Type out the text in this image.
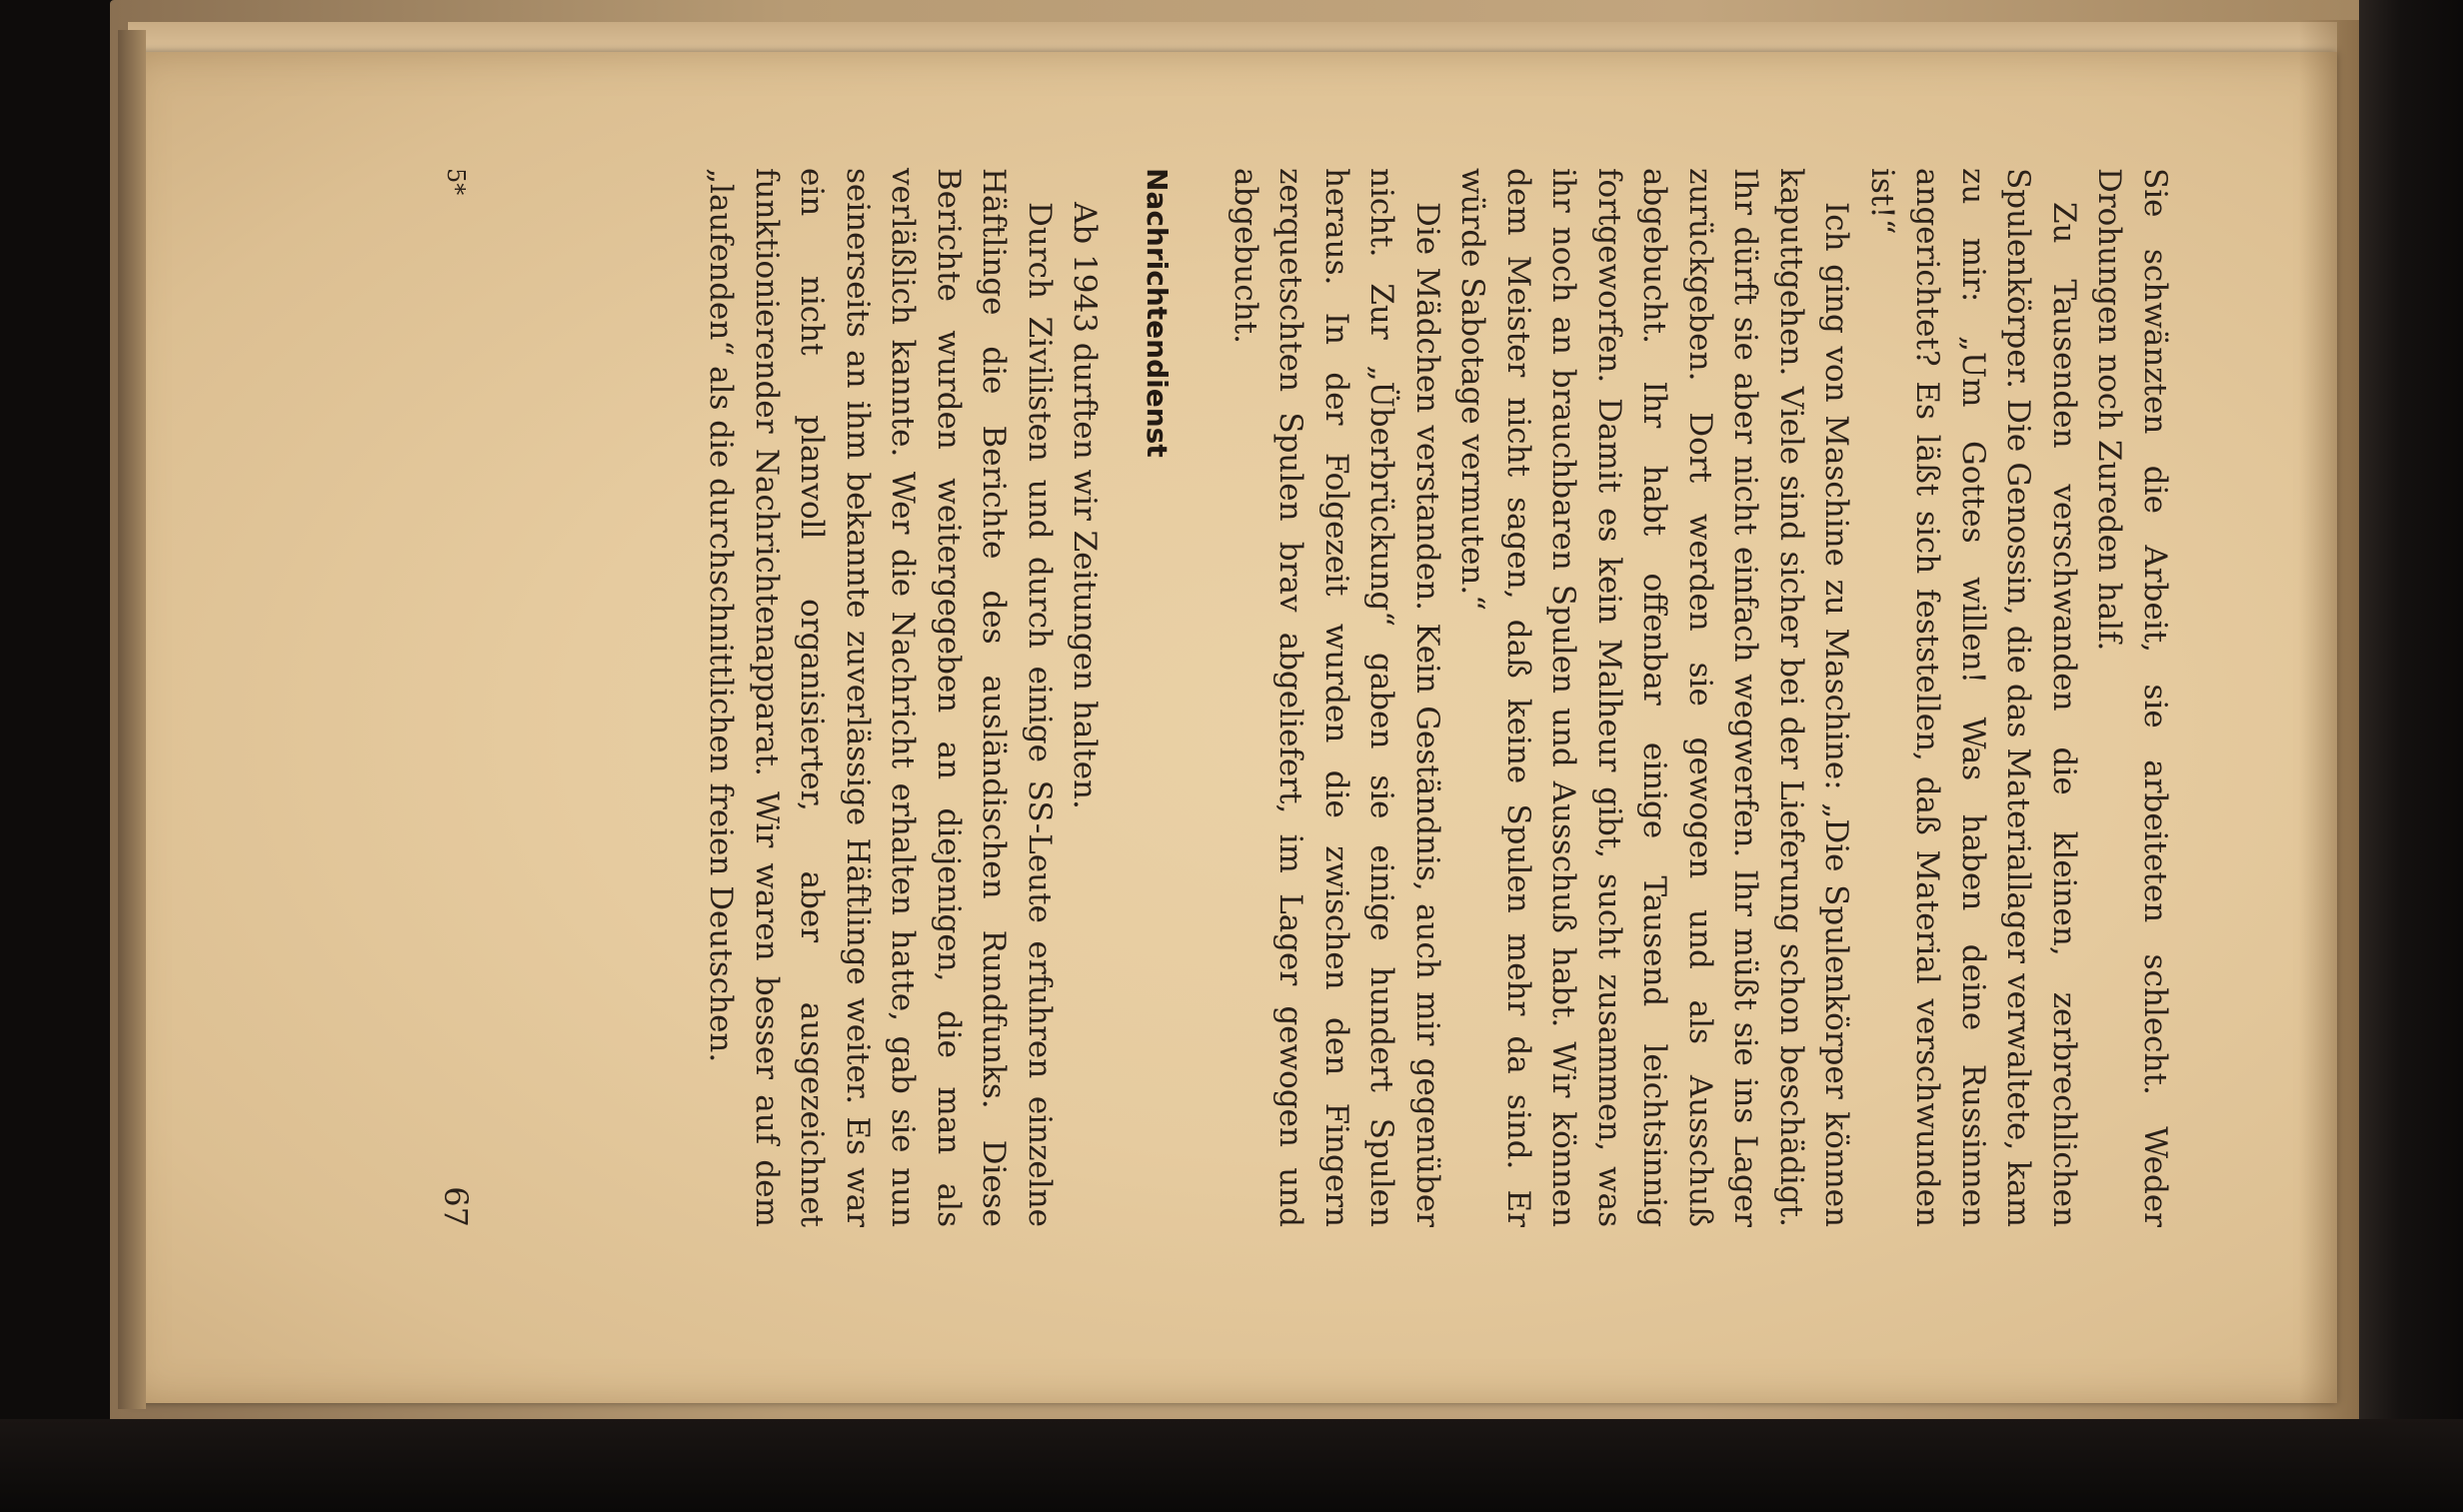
Sie schwänzten die Arbeit, sie arbeiteten schlecht. Weder Drohungen noch Zureden half.

Zu Tausenden verschwanden die kleinen, zerbrechlichen Spulenkörper. Die Genossin, die das Materiallager verwaltete, kam zu mir: „Um Gottes willen! Was haben deine Russinnen angerichtet? Es läßt sich feststellen, daß Material verschwunden ist!“

Ich ging von Maschine zu Maschine: „Die Spulenkörper können kaputtgehen. Viele sind sicher bei der Lieferung schon beschädigt. Ihr dürft sie aber nicht einfach wegwerfen. Ihr müßt sie ins Lager zurückgeben. Dort werden sie gewogen und als Ausschuß abgebucht. Ihr habt offenbar einige Tausend leichtsinnig fortgeworfen. Damit es kein Malheur gibt, sucht zusammen, was ihr noch an brauchbaren Spulen und Ausschuß habt. Wir können dem Meister nicht sagen, daß keine Spulen mehr da sind. Er würde Sabotage vermuten.“

Die Mädchen verstanden. Kein Geständnis, auch mir gegenüber nicht. Zur „Überbrückung“ gaben sie einige hundert Spulen heraus. In der Folgezeit wurden die zwischen den Fingern zerquetschten Spulen brav abgeliefert, im Lager gewogen und abgebucht.

Nachrichtendienst

Ab 1943 durften wir Zeitungen halten.

Durch Zivilisten und durch einige SS-Leute erfuhren einzelne Häftlinge die Berichte des ausländischen Rundfunks. Diese Berichte wurden weitergegeben an diejenigen, die man als verläßlich kannte. Wer die Nachricht erhalten hatte, gab sie nun seinerseits an ihm bekannte zuverlässige Häftlinge weiter. Es war ein nicht planvoll organisierter, aber ausgezeichnet funktionierender Nachrichtenapparat. Wir waren besser auf dem „laufenden“ als die durchschnittlichen freien Deutschen.

5*
67
